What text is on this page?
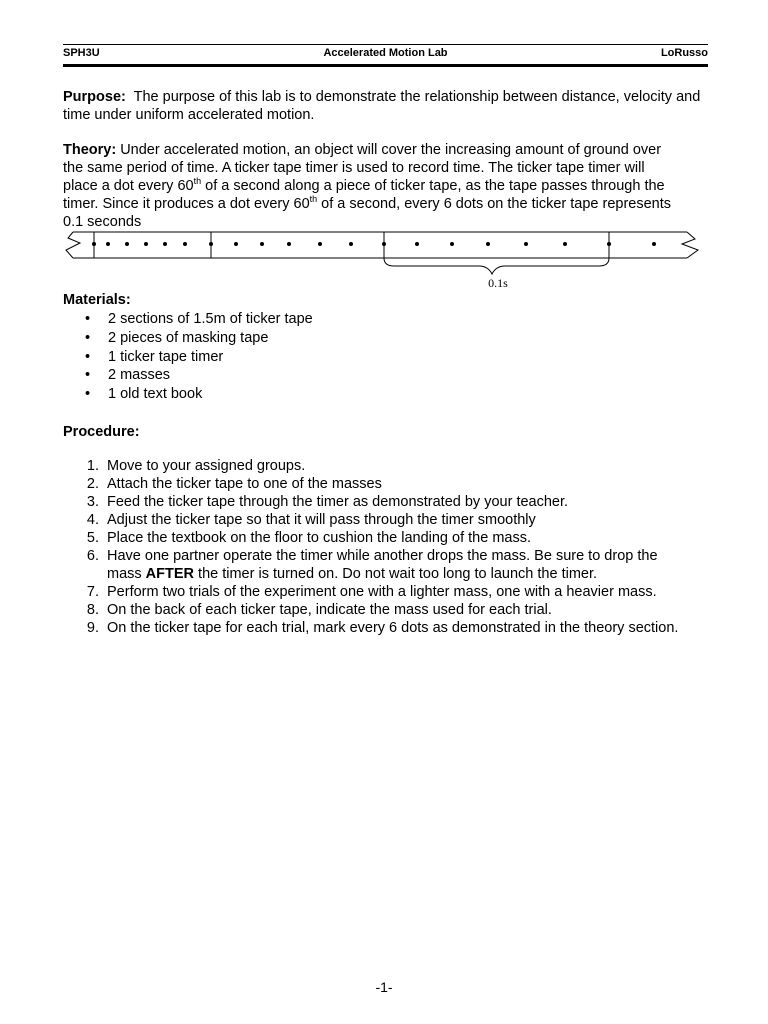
SPH3U	Accelerated Motion Lab	LoRusso

Purpose: The purpose of this lab is to demonstrate the relationship between distance, velocity and time under uniform accelerated motion.

Theory: Under accelerated motion, an object will cover the increasing amount of ground over

the same period of time. A ticker tape timer is used to record time. The ticker tape timer will

place a dot every 60th of a second along a piece of ticker tape, as the tape passes through the

timer. Since it produces a dot every 60th of a second, every 6 dots on the ticker tape represents

0.1 seconds

0.1s
Materials:
• 2 sections of 1.5m of ticker tape
• 2 pieces of masking tape
• 1 ticker tape timer
• 2 masses
• 1 old text book
Procedure:
1. Move to your assigned groups.
2. Attach the ticker tape to one of the masses
3. Feed the ticker tape through the timer as demonstrated by your teacher.
4. Adjust the ticker tape so that it will pass through the timer smoothly
5. Place the textbook on the floor to cushion the landing of the mass.
6. Have one partner operate the timer while another drops the mass. Be sure to drop the
mass AFTER the timer is turned on. Do not wait too long to launch the timer.
7. Perform two trials of the experiment one with a lighter mass, one with a heavier mass.
8. On the back of each ticker tape, indicate the mass used for each trial.
9. On the ticker tape for each trial, mark every 6 dots as demonstrated in the theory section.
-1-
